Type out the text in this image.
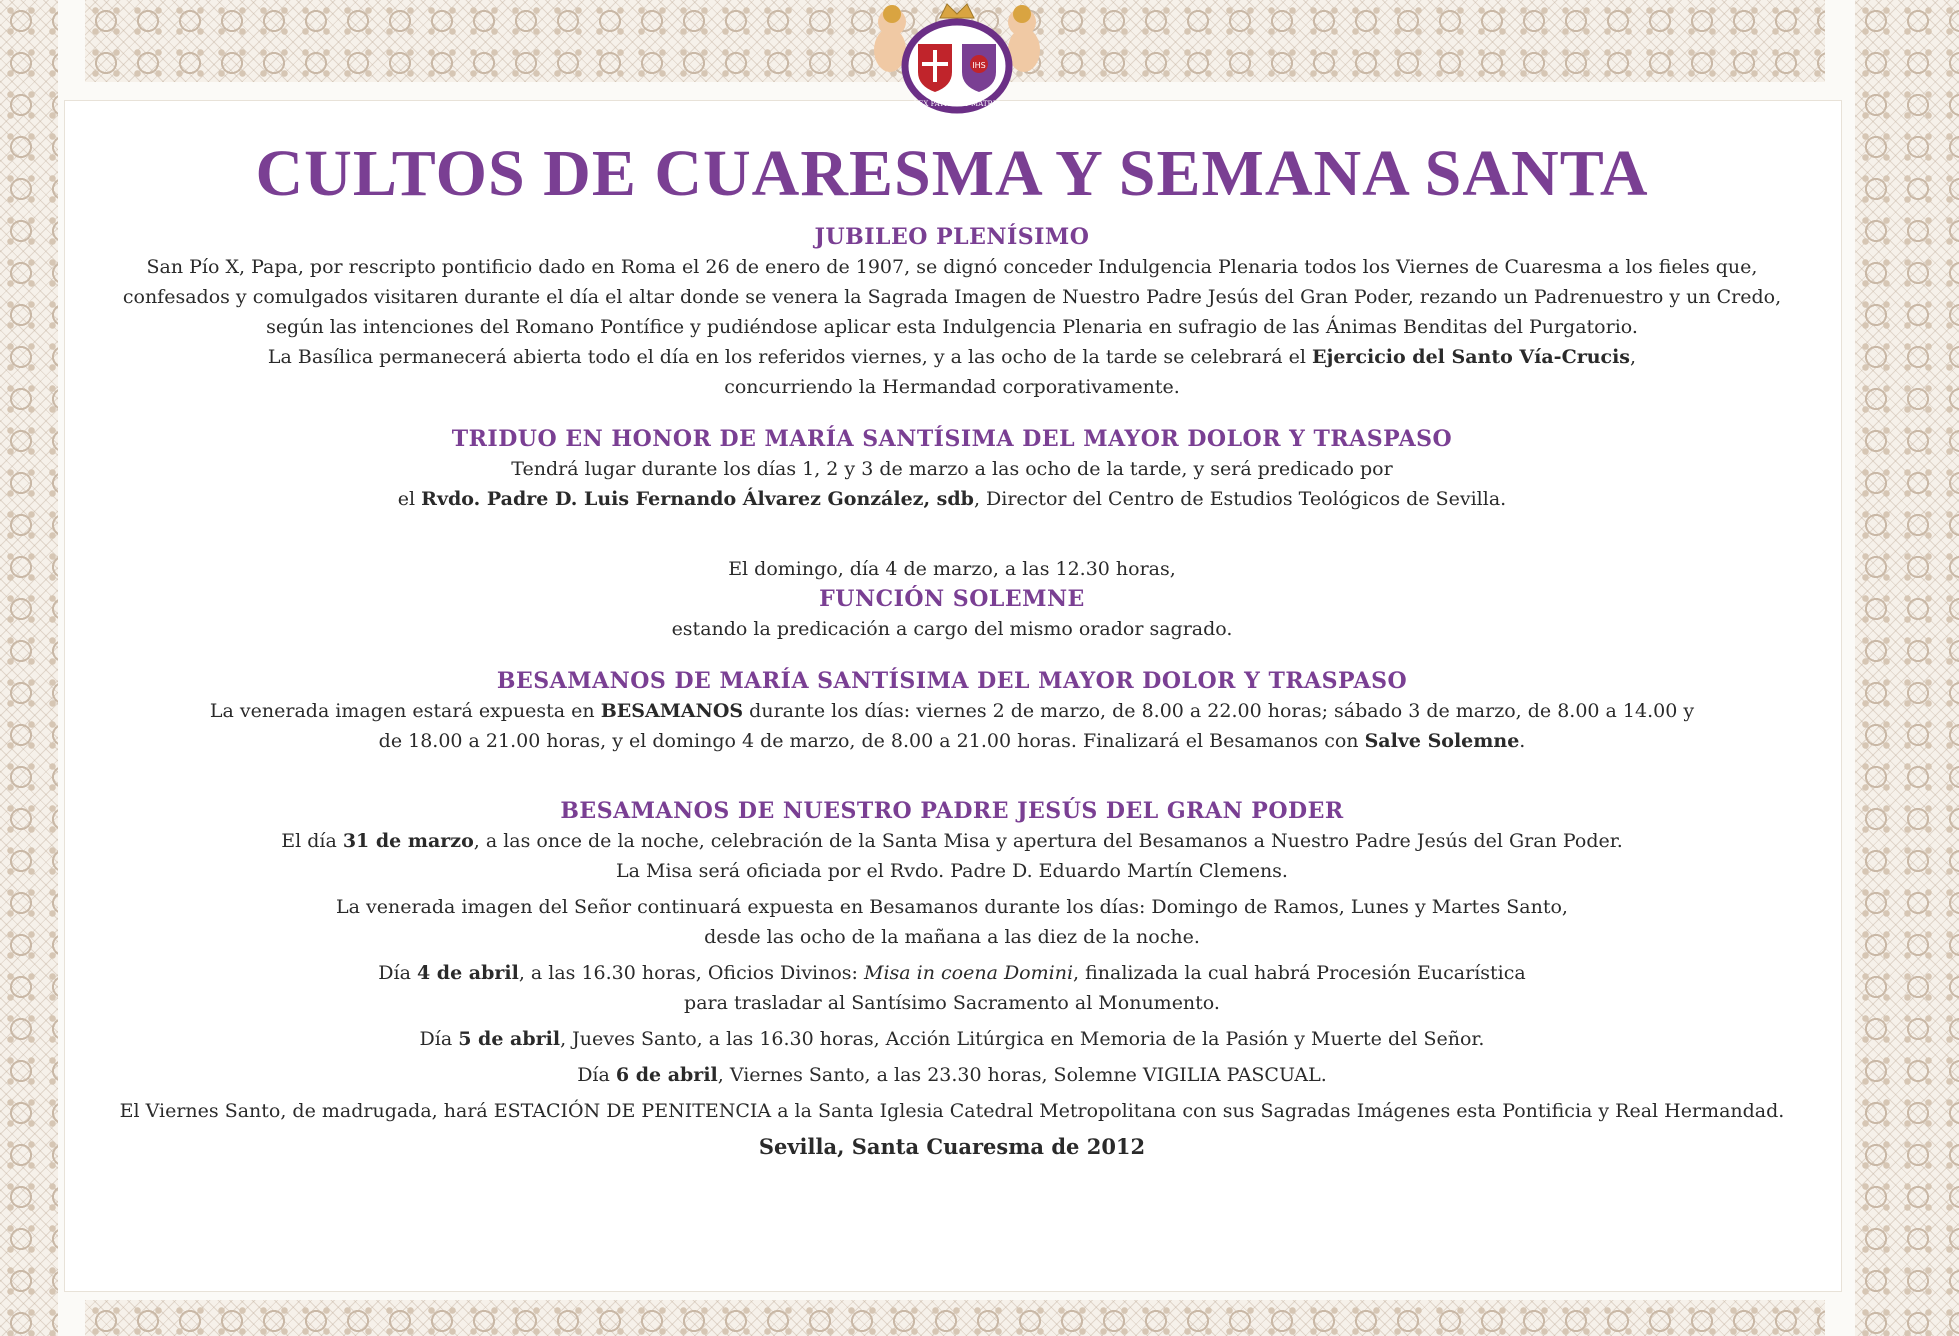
LEX PATRIS ET MATRIS
IHS
CULTOS DE CUARESMA Y SEMANA SANTA

JUBILEO PLENÍSIMO

San Pío X, Papa, por rescripto pontificio dado en Roma el 26 de enero de 1907, se dignó conceder Indulgencia Plenaria todos los Viernes de Cuaresma a los fieles que,

confesados y comulgados visitaren durante el día el altar donde se venera la Sagrada Imagen de Nuestro Padre Jesús del Gran Poder, rezando un Padrenuestro y un Credo,

según las intenciones del Romano Pontífice y pudiéndose aplicar esta Indulgencia Plenaria en sufragio de las Ánimas Benditas del Purgatorio.

La Basílica permanecerá abierta todo el día en los referidos viernes, y a las ocho de la tarde se celebrará el Ejercicio del Santo Vía-Crucis,

concurriendo la Hermandad corporativamente.

TRIDUO EN HONOR DE MARÍA SANTÍSIMA DEL MAYOR DOLOR Y TRASPASO

Tendrá lugar durante los días 1, 2 y 3 de marzo a las ocho de la tarde, y será predicado por

el Rvdo. Padre D. Luis Fernando Álvarez González, sdb, Director del Centro de Estudios Teológicos de Sevilla.

El domingo, día 4 de marzo, a las 12.30 horas,

FUNCIÓN SOLEMNE

estando la predicación a cargo del mismo orador sagrado.

BESAMANOS DE MARÍA SANTÍSIMA DEL MAYOR DOLOR Y TRASPASO

La venerada imagen estará expuesta en BESAMANOS durante los días: viernes 2 de marzo, de 8.00 a 22.00 horas; sábado 3 de marzo, de 8.00 a 14.00 y

de 18.00 a 21.00 horas, y el domingo 4 de marzo, de 8.00 a 21.00 horas. Finalizará el Besamanos con Salve Solemne.

BESAMANOS DE NUESTRO PADRE JESÚS DEL GRAN PODER

El día 31 de marzo, a las once de la noche, celebración de la Santa Misa y apertura del Besamanos a Nuestro Padre Jesús del Gran Poder.

La Misa será oficiada por el Rvdo. Padre D. Eduardo Martín Clemens.

La venerada imagen del Señor continuará expuesta en Besamanos durante los días: Domingo de Ramos, Lunes y Martes Santo,

desde las ocho de la mañana a las diez de la noche.

Día 4 de abril, a las 16.30 horas, Oficios Divinos: Misa in coena Domini, finalizada la cual habrá Procesión Eucarística

para trasladar al Santísimo Sacramento al Monumento.

Día 5 de abril, Jueves Santo, a las 16.30 horas, Acción Litúrgica en Memoria de la Pasión y Muerte del Señor.

Día 6 de abril, Viernes Santo, a las 23.30 horas, Solemne VIGILIA PASCUAL.

El Viernes Santo, de madrugada, hará ESTACIÓN DE PENITENCIA a la Santa Iglesia Catedral Metropolitana con sus Sagradas Imágenes esta Pontificia y Real Hermandad.

Sevilla, Santa Cuaresma de 2012
